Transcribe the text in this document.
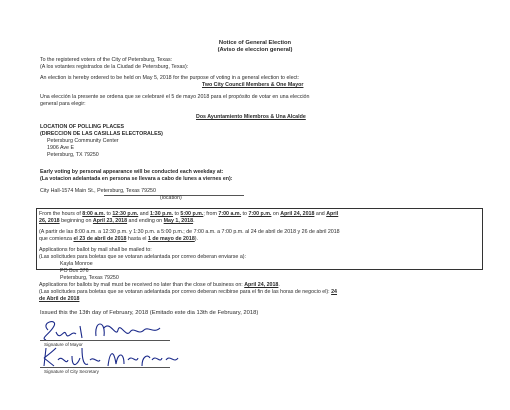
Notice of General Election
(Aviso de eleccion general)
To the registered voters of the City of Petersburg, Texas:
(A los votantes registrados de la Ciudad de Petersburg, Texas):
An election is hereby ordered to be held on May 5, 2018 for the purpose of voting in a general election to elect:
Two City Council Members & One Mayor
Una elección la presente se ordena que se celebraré el 5 de mayo 2018 para el propósito de votar en una elección
general para elegir:
Dos Ayuntamiento Miembros & Una Alcalde
LOCATION OF POLLING PLACES
(DIRECCION DE LAS CASILLAS ELECTORALES)
Petersburg Community Center
1906 Ave E
Petersburg, TX 79250
Early voting by personal appearance will be conducted each weekday at:
(La votacion adelantada en persona se llevara a cabo de lunes a viernes en):
City Hall-1574 Main St., Petersburg, Texas 79250
(location)
From the hours of 8:00 a.m. to 12:30 p.m. and 1:30 p.m. to 5:00 p.m.; from 7:00 a.m. to 7:00 p.m. on April 24, 2018 and April
26, 2018 beginning on April 23, 2018 and ending on May 1, 2018.
(A partir de las 8:00 a.m. a 12:30 p.m. y 1:30 p.m. a 5:00 p.m.; de 7:00 a.m. a 7:00 p.m. al 24 de abril de 2018 y 26 de abril 2018
que comienza el 23 de abril de 2018 hasta el 1 de mayo de 2018).
Applications for ballot by mail shall be mailed to:
(Las solicitudes para boletas que se votaran adelantada por correo deberan enviarse a):
Kayla Monroe
PO Box 376
Petersburg, Texas 79250
Applications for ballots by mail must be received no later than the close of business on: April 24, 2018.
(Las solicitudes para boletas que se votaran adelantada por correo deberan recibirse para el fin de las horas de negocio el): 24
de Abril de 2018
Issued this the 13th day of February, 2018 (Emitado este dia 13th de February, 2018)
Signature of Mayor
Signature of City Secretary
